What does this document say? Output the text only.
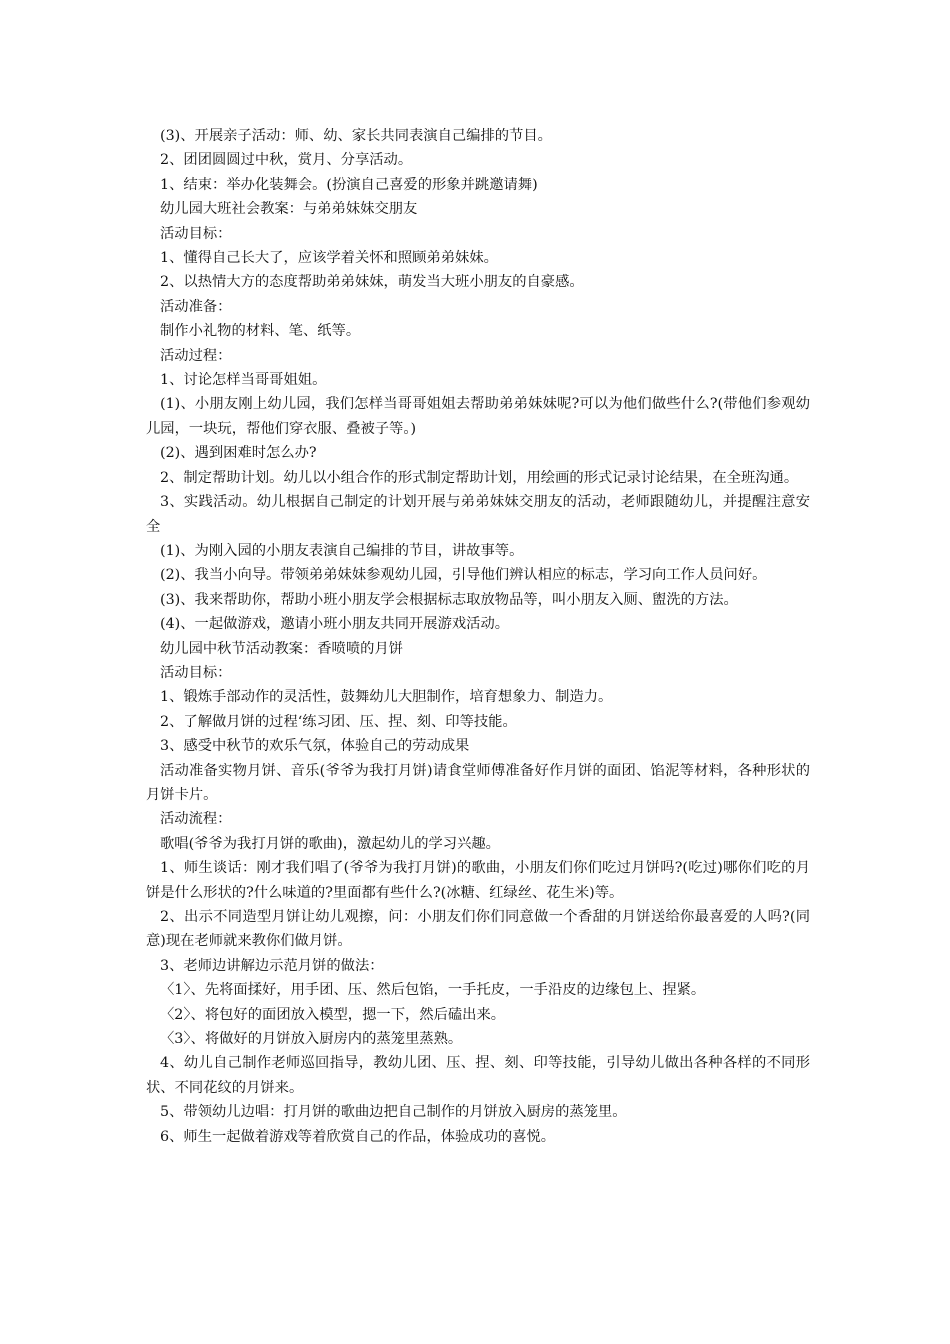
(3)、开展亲子活动：师、幼、家长共同表演自己编排的节目。

2、团团圆圆过中秋，赏月、分享活动。

1、结束：举办化装舞会。(扮演自己喜爱的形象并跳邀请舞)

幼儿园大班社会教案：与弟弟妹妹交朋友

活动目标：

1、懂得自己长大了，应该学着关怀和照顾弟弟妹妹。

2、以热情大方的态度帮助弟弟妹妹，萌发当大班小朋友的自豪感。

活动准备：

制作小礼物的材料、笔、纸等。

活动过程：

1、讨论怎样当哥哥姐姐。

(1)、小朋友刚上幼儿园，我们怎样当哥哥姐姐去帮助弟弟妹妹呢?可以为他们做些什么?(带他们参观幼儿园，一块玩，帮他们穿衣服、叠被子等。)

(2)、遇到困难时怎么办?

2、制定帮助计划。幼儿以小组合作的形式制定帮助计划，用绘画的形式记录讨论结果，在全班沟通。

3、实践活动。幼儿根据自己制定的计划开展与弟弟妹妹交朋友的活动，老师跟随幼儿，并提醒注意安全

(1)、为刚入园的小朋友表演自己编排的节目，讲故事等。

(2)、我当小向导。带领弟弟妹妹参观幼儿园，引导他们辨认相应的标志，学习向工作人员问好。

(3)、我来帮助你，帮助小班小朋友学会根据标志取放物品等，叫小朋友入厕、盥洗的方法。

(4)、一起做游戏，邀请小班小朋友共同开展游戏活动。

幼儿园中秋节活动教案：香喷喷的月饼

活动目标：

1、锻炼手部动作的灵活性，鼓舞幼儿大胆制作，培育想象力、制造力。

2、了解做月饼的过程‘练习团、压、捏、刻、印等技能。

3、感受中秋节的欢乐气氛，体验自己的劳动成果

活动准备实物月饼、音乐(爷爷为我打月饼)请食堂师傅准备好作月饼的面团、馅泥等材料，各种形状的月饼卡片。

活动流程：

歌唱(爷爷为我打月饼的歌曲)，激起幼儿的学习兴趣。

1、师生谈话：刚才我们唱了(爷爷为我打月饼)的歌曲，小朋友们你们吃过月饼吗?(吃过)哪你们吃的月饼是什么形状的?什么味道的?里面都有些什么?(冰糖、红绿丝、花生米)等。

2、出示不同造型月饼让幼儿观擦，问：小朋友们你们同意做一个香甜的月饼送给你最喜爱的人吗?(同意)现在老师就来教你们做月饼。

3、老师边讲解边示范月饼的做法：

〈1〉、先将面揉好，用手团、压、然后包馅，一手托皮，一手沿皮的边缘包上、捏紧。

〈2〉、将包好的面团放入模型，摁一下，然后磕出来。

〈3〉、将做好的月饼放入厨房内的蒸笼里蒸熟。

4、幼儿自己制作老师巡回指导，教幼儿团、压、捏、刻、印等技能，引导幼儿做出各种各样的不同形状、不同花纹的月饼来。

5、带领幼儿边唱：打月饼的歌曲边把自己制作的月饼放入厨房的蒸笼里。

6、师生一起做着游戏等着欣赏自己的作品，体验成功的喜悦。
